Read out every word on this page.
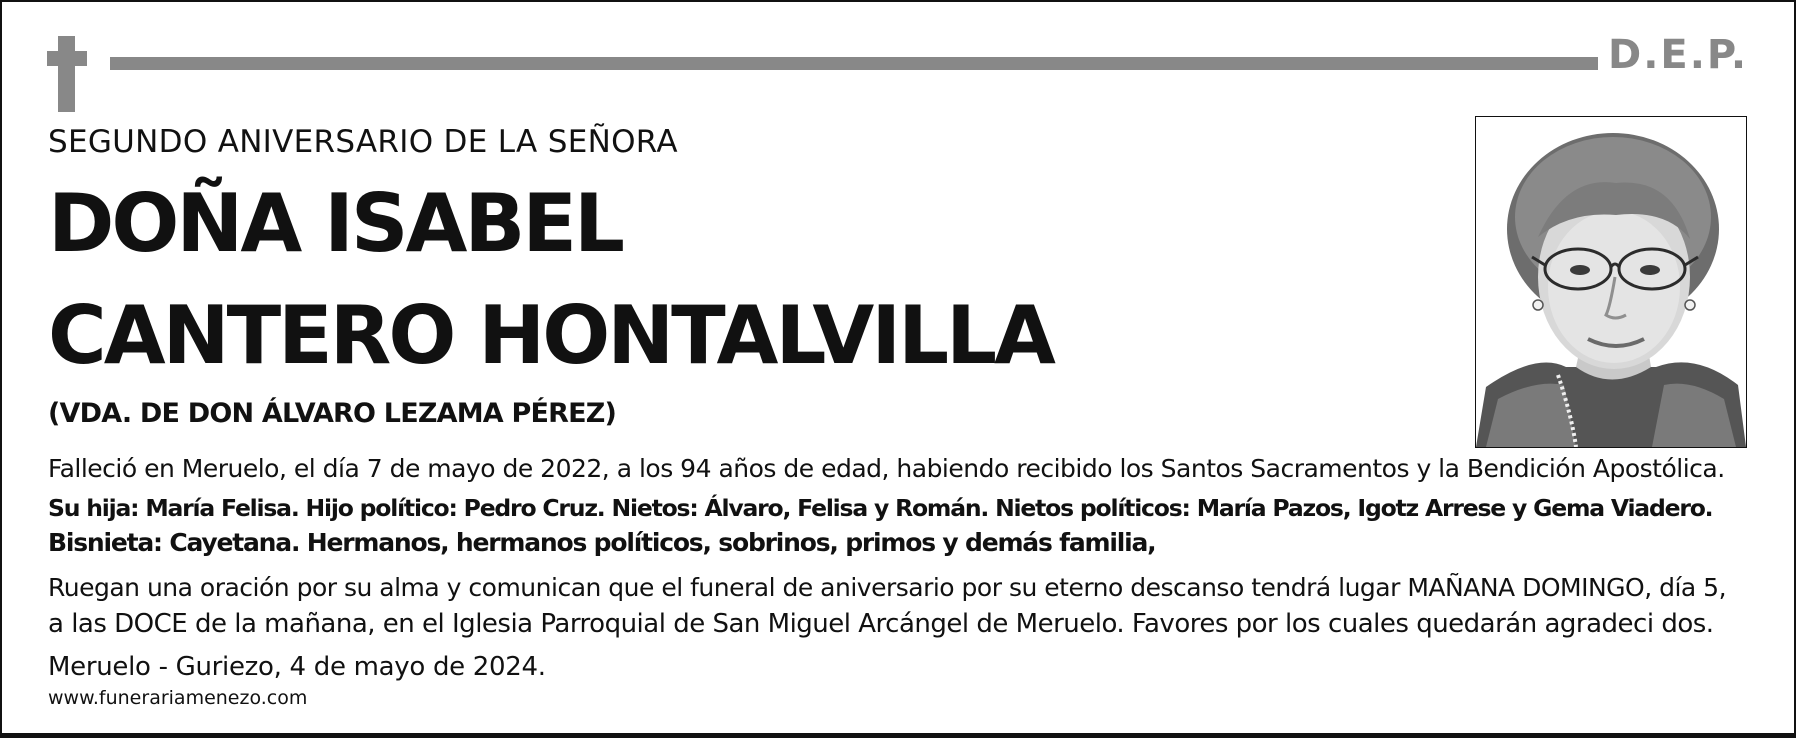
D.E.P.
SEGUNDO ANIVERSARIO DE LA SEÑORA
DOÑA ISABEL
CANTERO HONTALVILLA
(VDA. DE DON ÁLVARO LEZAMA PÉREZ)
Falleció en Meruelo, el día 7 de mayo de 2022, a los 94 años de edad, habiendo recibido los Santos Sacramentos y la Bendición Apostólica.
Su hija: María Felisa. Hijo político: Pedro Cruz. Nietos: Álvaro, Felisa y Román. Nietos políticos: María Pazos, Igotz Arrese y Gema Viadero.
Bisnieta: Cayetana. Hermanos, hermanos políticos, sobrinos, primos y demás familia,
Ruegan una oración por su alma y comunican que el funeral de aniversario por su eterno descanso tendrá lugar MAÑANA DOMINGO, día 5,
a las DOCE de la mañana, en el Iglesia Parroquial de San Miguel Arcángel de Meruelo. Favores por los cuales quedarán agradeci dos.
Meruelo - Guriezo, 4 de mayo de 2024.
www.funerariamenezo.com
